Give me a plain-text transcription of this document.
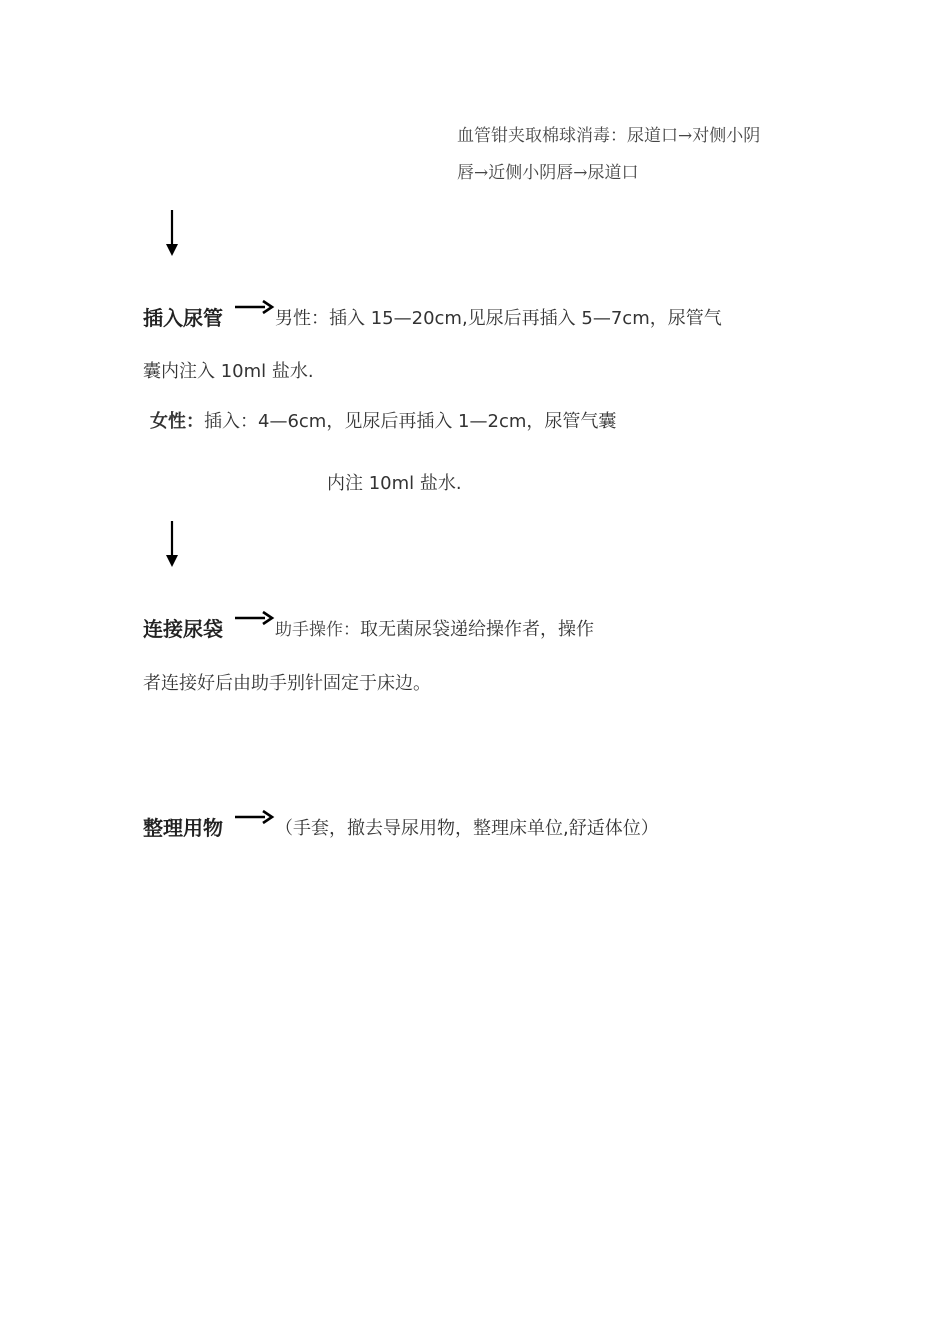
血管钳夹取棉球消毒：尿道口→对侧小阴
唇→近侧小阴唇→尿道口
插入尿管	男性：插入 15—20cm,见尿后再插入 5—7cm，尿管气
囊内注入 10ml 盐水.
女性：插入：4—6cm，见尿后再插入 1—2cm，尿管气囊
内注 10ml 盐水.
连接尿袋	助手操作：取无菌尿袋递给操作者，操作
者连接好后由助手别针固定于床边。
整理用物	（手套，撤去导尿用物，整理床单位,舒适体位）
